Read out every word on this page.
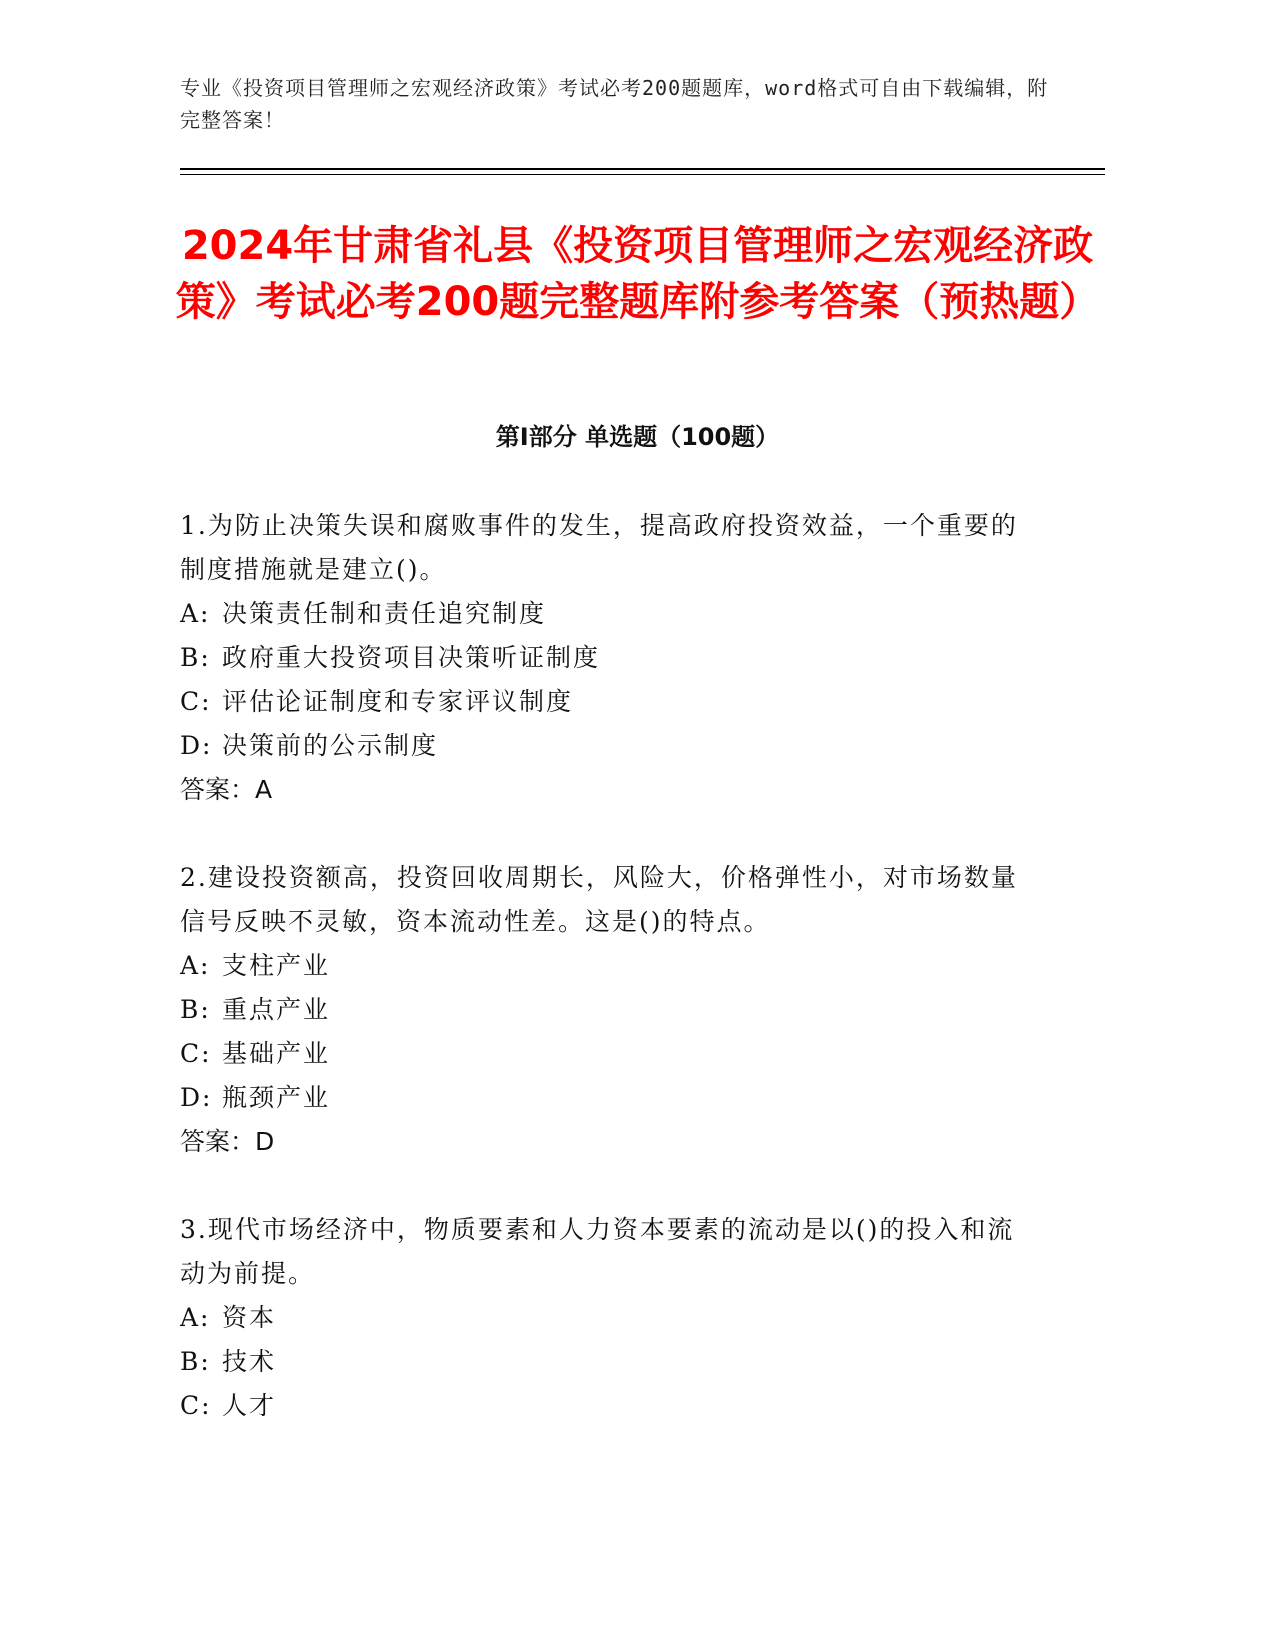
专业《投资项目管理师之宏观经济政策》考试必考200题题库，word格式可自由下载编辑，附完整答案！
2024年甘肃省礼县《投资项目管理师之宏观经济政策》考试必考200题完整题库附参考答案（预热题）
第I部分 单选题（100题）

1.为防止决策失误和腐败事件的发生，提高政府投资效益，一个重要的制度措施就是建立()。

A: 决策责任制和责任追究制度

B: 政府重大投资项目决策听证制度

C: 评估论证制度和专家评议制度

D: 决策前的公示制度

答案：A

2.建设投资额高，投资回收周期长，风险大，价格弹性小，对市场数量信号反映不灵敏，资本流动性差。这是()的特点。

A: 支柱产业

B: 重点产业

C: 基础产业

D: 瓶颈产业

答案：D

3.现代市场经济中，物质要素和人力资本要素的流动是以()的投入和流动为前提。

A: 资本

B: 技术

C: 人才
